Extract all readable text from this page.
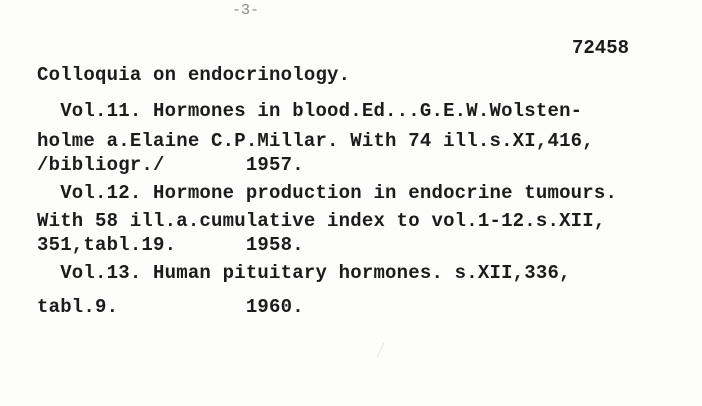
-3-
72458
Colloquia on endocrinology.
Vol.11. Hormones in blood.Ed...G.E.W.Wolsten-
holme a.Elaine C.P.Millar. With 74 ill.s.XI,416,
/bibliogr./       1957.
Vol.12. Hormone production in endocrine tumours.
With 58 ill.a.cumulative index to vol.1-12.s.XII,
351,tabl.19.      1958.
Vol.13. Human pituitary hormones. s.XII,336,
tabl.9.           1960.
